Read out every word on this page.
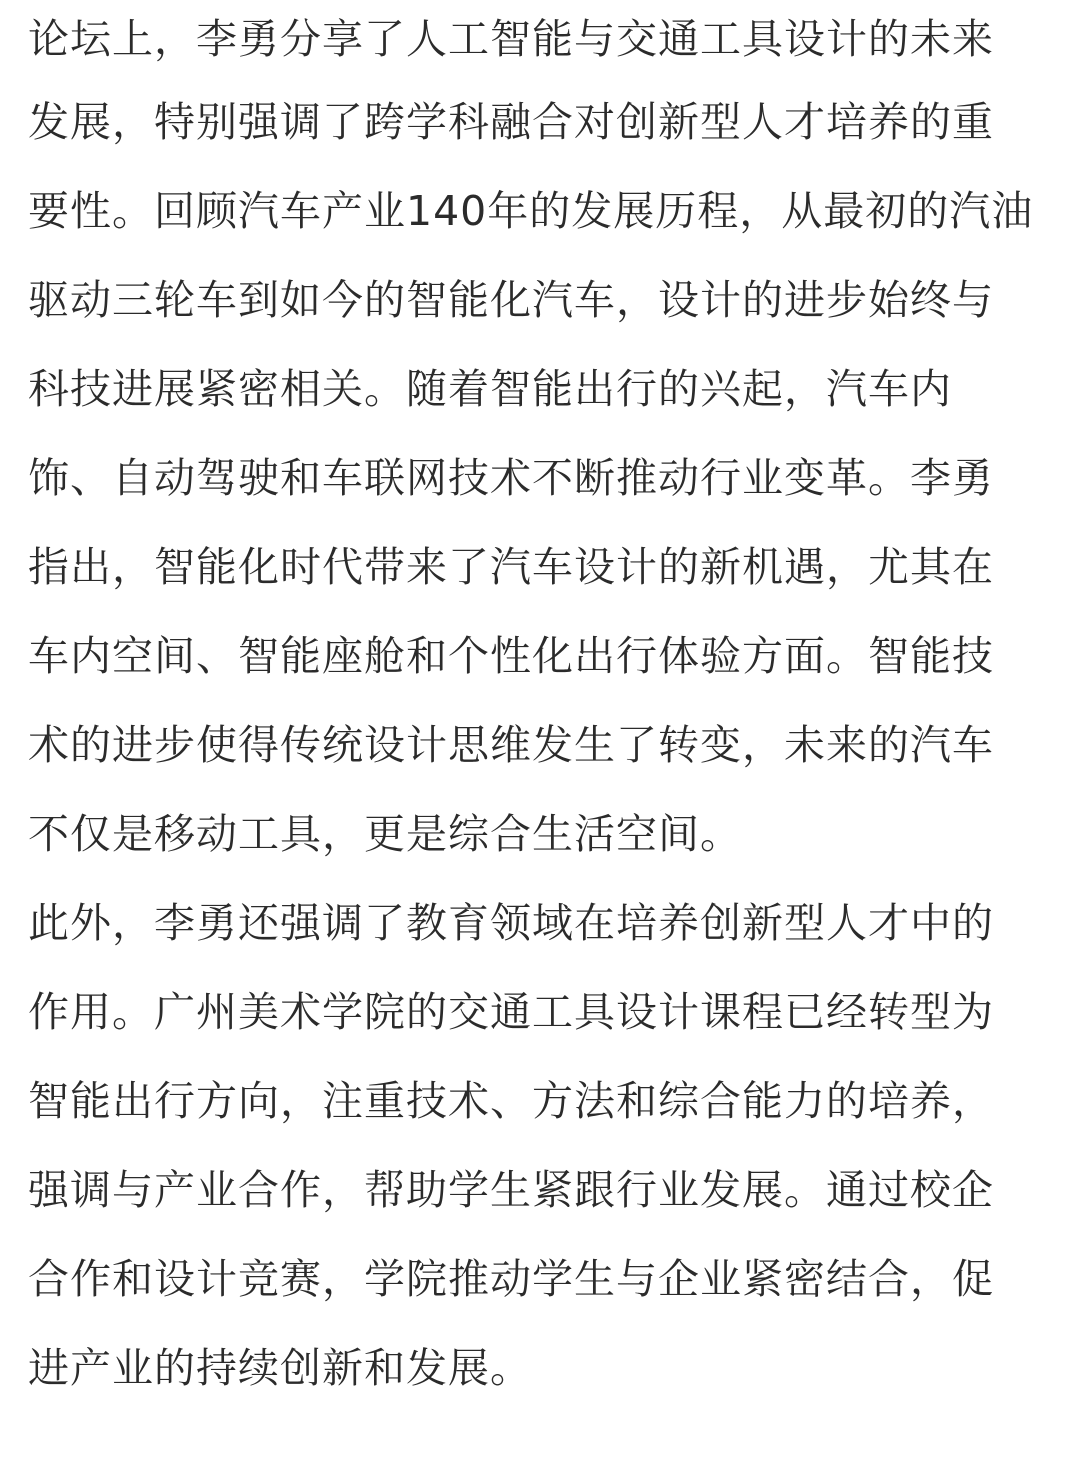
论坛上，李勇分享了人工智能与交通工具设计的未来
发展，特别强调了跨学科融合对创新型人才培养的重
要性。回顾汽车产业140年的发展历程，从最初的汽油
驱动三轮车到如今的智能化汽车，设计的进步始终与
科技进展紧密相关。随着智能出行的兴起，汽车内
饰、自动驾驶和车联网技术不断推动行业变革。李勇
指出，智能化时代带来了汽车设计的新机遇，尤其在
车内空间、智能座舱和个性化出行体验方面。智能技
术的进步使得传统设计思维发生了转变，未来的汽车
不仅是移动工具，更是综合生活空间。
此外，李勇还强调了教育领域在培养创新型人才中的
作用。广州美术学院的交通工具设计课程已经转型为
智能出行方向，注重技术、方法和综合能力的培养，
强调与产业合作，帮助学生紧跟行业发展。通过校企
合作和设计竞赛，学院推动学生与企业紧密结合，促
进产业的持续创新和发展。
